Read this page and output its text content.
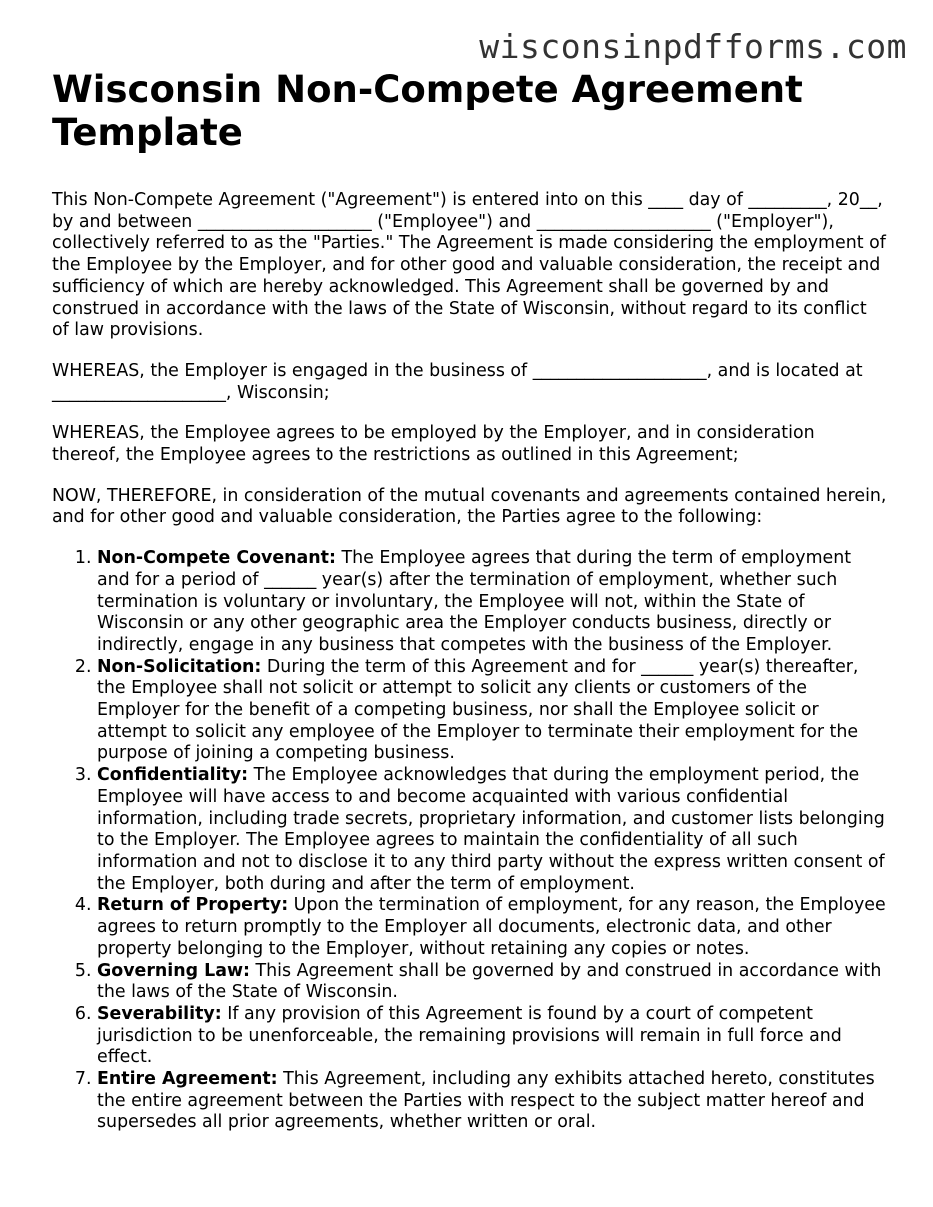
wisconsinpdfforms.com
Wisconsin Non-Compete Agreement Template

This Non-Compete Agreement ("Agreement") is entered into on this ____ day of _________, 20__, by and between ____________________ ("Employee") and ____________________ ("Employer"), collectively referred to as the "Parties." The Agreement is made considering the employment of the Employee by the Employer, and for other good and valuable consideration, the receipt and sufficiency of which are hereby acknowledged. This Agreement shall be governed by and construed in accordance with the laws of the State of Wisconsin, without regard to its conflict of law provisions.

WHEREAS, the Employer is engaged in the business of ____________________, and is located at ____________________, Wisconsin;

WHEREAS, the Employee agrees to be employed by the Employer, and in consideration thereof, the Employee agrees to the restrictions as outlined in this Agreement;

NOW, THEREFORE, in consideration of the mutual covenants and agreements contained herein, and for other good and valuable consideration, the Parties agree to the following:

1. Non-Compete Covenant: The Employee agrees that during the term of employment and for a period of ______ year(s) after the termination of employment, whether such termination is voluntary or involuntary, the Employee will not, within the State of Wisconsin or any other geographic area the Employer conducts business, directly or indirectly, engage in any business that competes with the business of the Employer.
2. Non-Solicitation: During the term of this Agreement and for ______ year(s) thereafter, the Employee shall not solicit or attempt to solicit any clients or customers of the Employer for the benefit of a competing business, nor shall the Employee solicit or attempt to solicit any employee of the Employer to terminate their employment for the purpose of joining a competing business.
3. Confidentiality: The Employee acknowledges that during the employment period, the Employee will have access to and become acquainted with various confidential information, including trade secrets, proprietary information, and customer lists belonging to the Employer. The Employee agrees to maintain the confidentiality of all such information and not to disclose it to any third party without the express written consent of the Employer, both during and after the term of employment.
4. Return of Property: Upon the termination of employment, for any reason, the Employee agrees to return promptly to the Employer all documents, electronic data, and other property belonging to the Employer, without retaining any copies or notes.
5. Governing Law: This Agreement shall be governed by and construed in accordance with the laws of the State of Wisconsin.
6. Severability: If any provision of this Agreement is found by a court of competent jurisdiction to be unenforceable, the remaining provisions will remain in full force and effect.
7. Entire Agreement: This Agreement, including any exhibits attached hereto, constitutes the entire agreement between the Parties with respect to the subject matter hereof and supersedes all prior agreements, whether written or oral.
